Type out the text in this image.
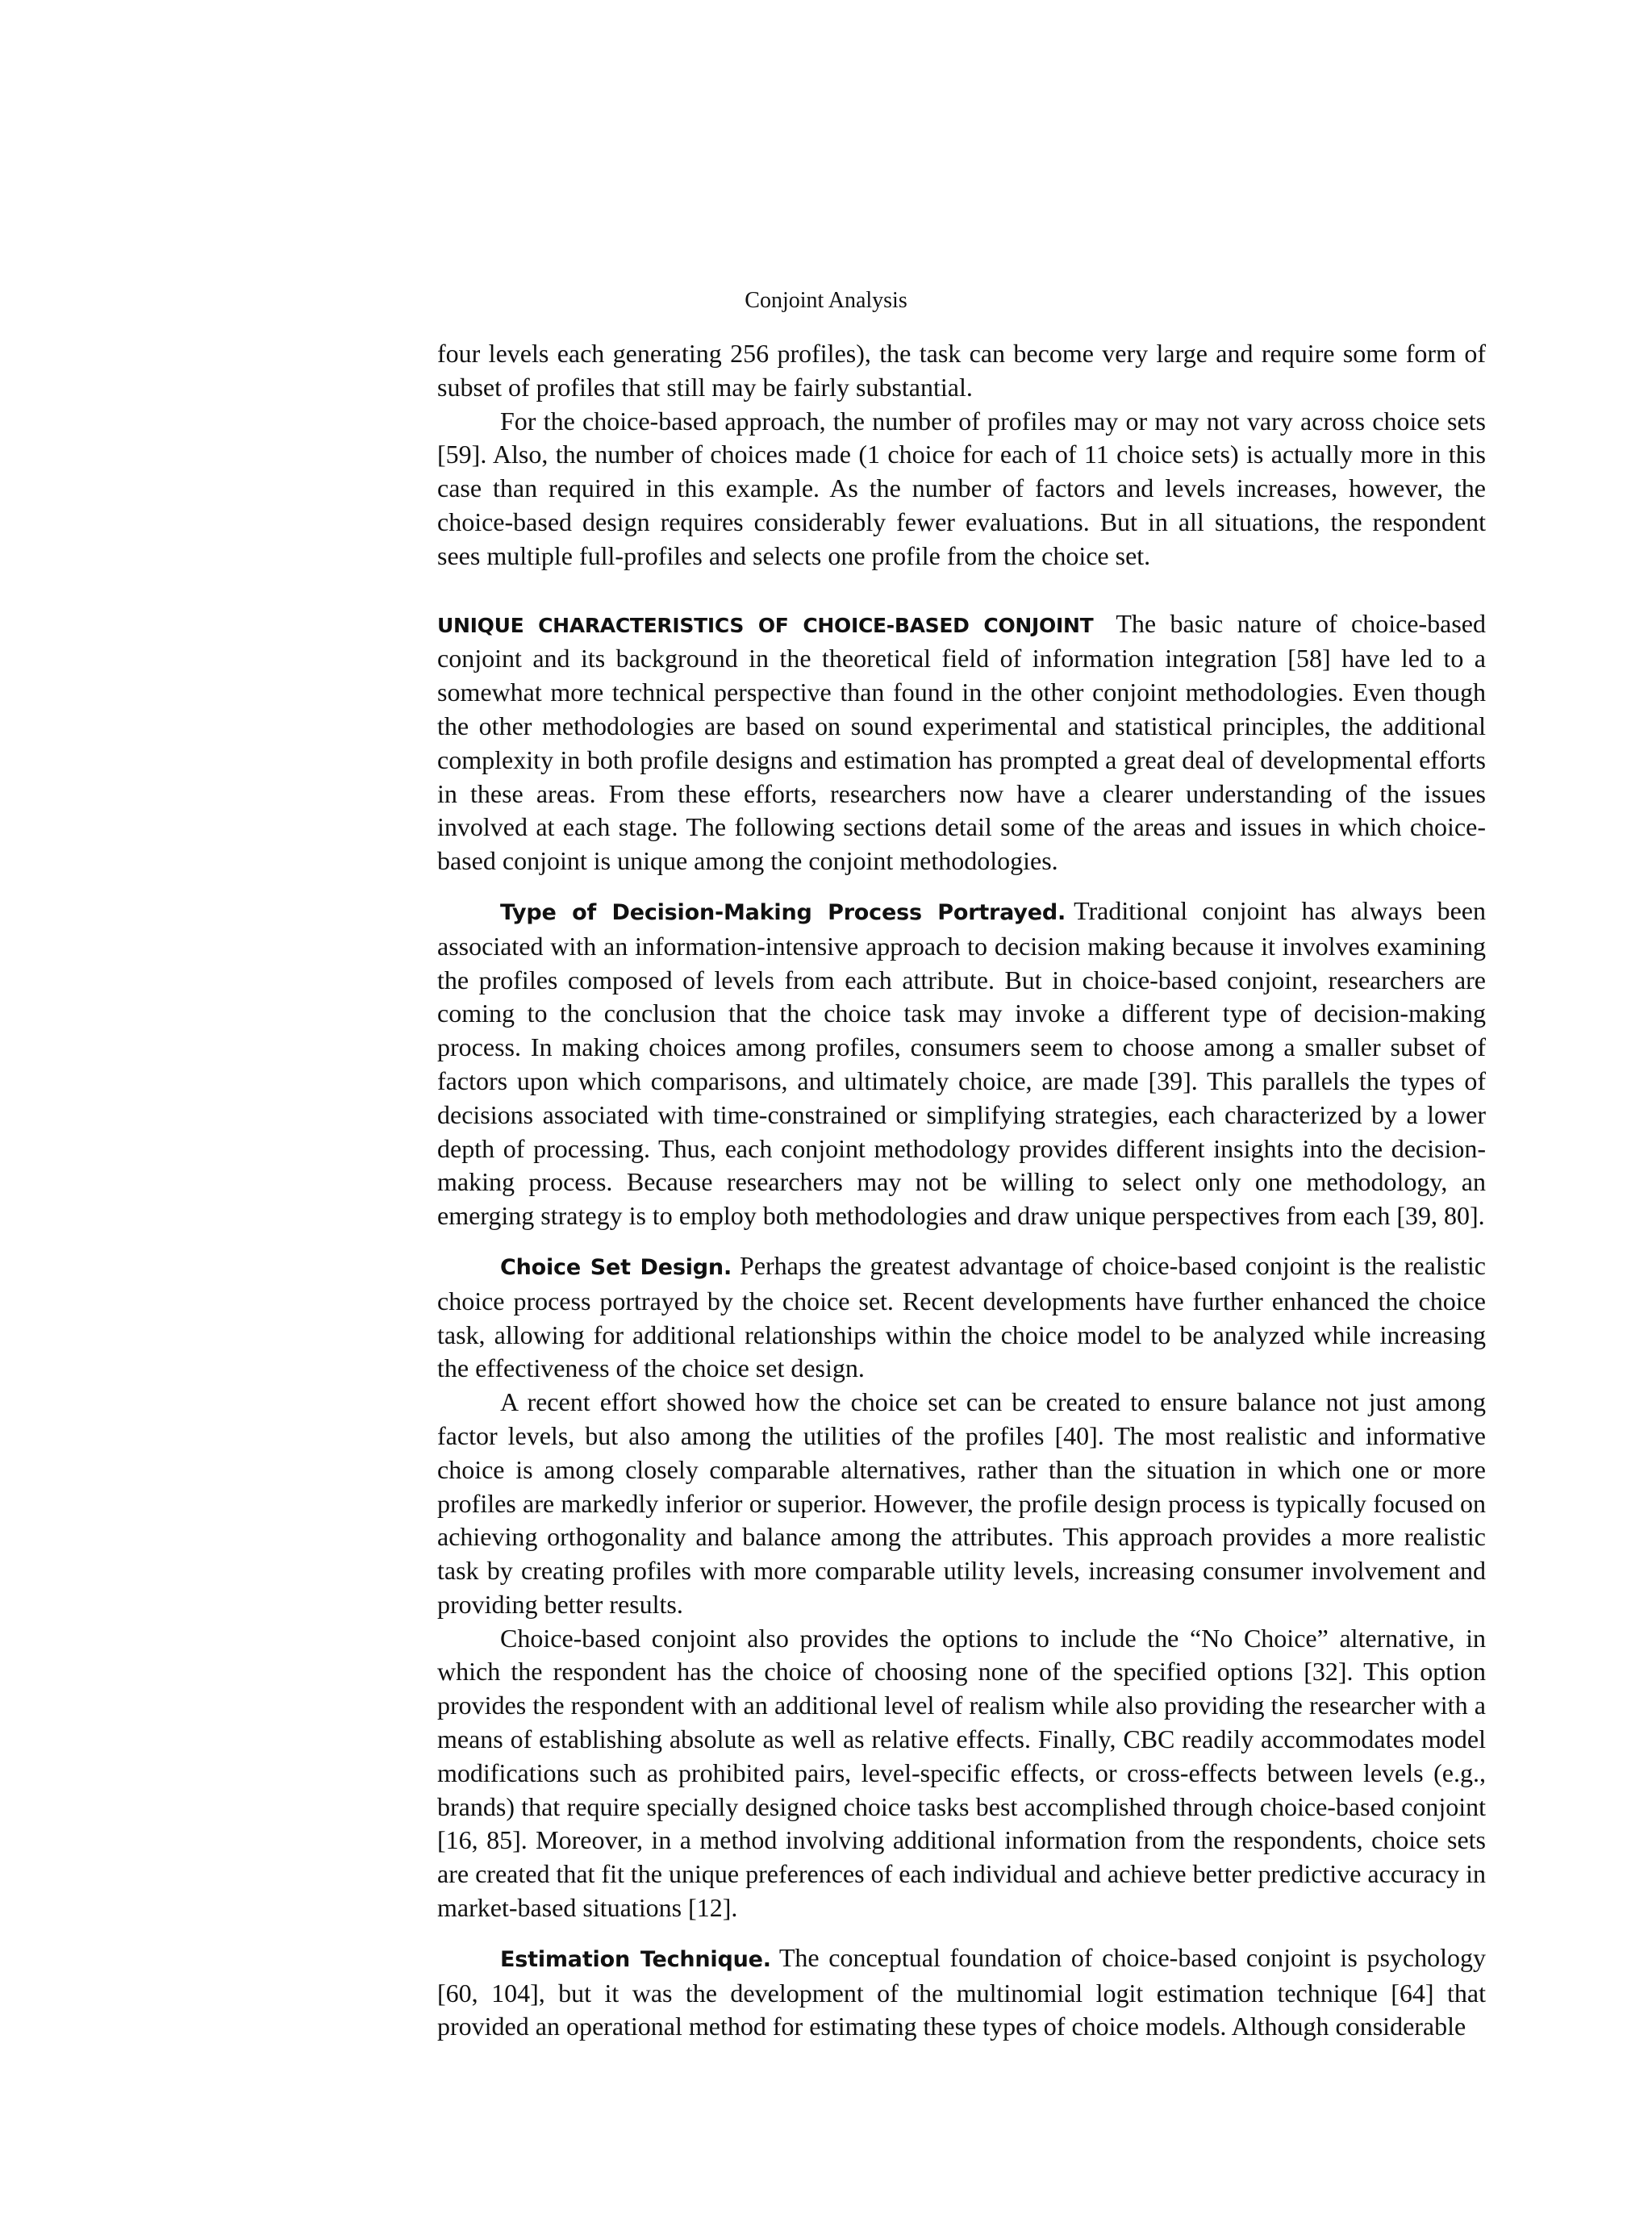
Conjoint Analysis

four levels each generating 256 profiles), the task can become very large and require some form of subset of profiles that still may be fairly substantial.

For the choice-based approach, the number of profiles may or may not vary across choice sets [59]. Also, the number of choices made (1 choice for each of 11 choice sets) is actually more in this case than required in this example. As the number of factors and levels increases, however, the choice-based design requires considerably fewer evaluations. But in all situations, the respondent sees multiple full-profiles and selects one profile from the choice set.

UNIQUE CHARACTERISTICS OF CHOICE-BASED CONJOINT The basic nature of choice-based conjoint and its background in the theoretical field of information integration [58] have led to a somewhat more technical perspective than found in the other conjoint methodologies. Even though the other methodologies are based on sound experimental and statistical principles, the additional complexity in both profile designs and estimation has prompted a great deal of developmental efforts in these areas. From these efforts, researchers now have a clearer understanding of the issues involved at each stage. The following sections detail some of the areas and issues in which choice-based conjoint is unique among the conjoint methodologies.

Type of Decision-Making Process Portrayed. Traditional conjoint has always been associated with an information-intensive approach to decision making because it involves examining the profiles composed of levels from each attribute. But in choice-based conjoint, researchers are coming to the conclusion that the choice task may invoke a different type of decision-making process. In making choices among profiles, consumers seem to choose among a smaller subset of factors upon which comparisons, and ultimately choice, are made [39]. This parallels the types of decisions associated with time-constrained or simplifying strategies, each characterized by a lower depth of processing. Thus, each conjoint methodology provides different insights into the decision-making process. Because researchers may not be willing to select only one methodology, an emerging strategy is to employ both methodologies and draw unique perspectives from each [39, 80].

Choice Set Design. Perhaps the greatest advantage of choice-based conjoint is the realistic choice process portrayed by the choice set. Recent developments have further enhanced the choice task, allowing for additional relationships within the choice model to be analyzed while increasing the effectiveness of the choice set design.

A recent effort showed how the choice set can be created to ensure balance not just among factor levels, but also among the utilities of the profiles [40]. The most realistic and informative choice is among closely comparable alternatives, rather than the situation in which one or more profiles are markedly inferior or superior. However, the profile design process is typically focused on achieving orthogonality and balance among the attributes. This approach provides a more realistic task by creating profiles with more comparable utility levels, increasing consumer involvement and providing better results.

Choice-based conjoint also provides the options to include the “No Choice” alternative, in which the respondent has the choice of choosing none of the specified options [32]. This option provides the respondent with an additional level of realism while also providing the researcher with a means of establishing absolute as well as relative effects. Finally, CBC readily accommodates model modifications such as prohibited pairs, level-specific effects, or cross-effects between levels (e.g., brands) that require specially designed choice tasks best accomplished through choice-based conjoint [16, 85]. Moreover, in a method involving additional information from the respondents, choice sets are created that fit the unique preferences of each individual and achieve better predictive accuracy in market-based situations [12].

Estimation Technique. The conceptual foundation of choice-based conjoint is psychology [60, 104], but it was the development of the multinomial logit estimation technique [64] that provided an operational method for estimating these types of choice models. Although considerable
